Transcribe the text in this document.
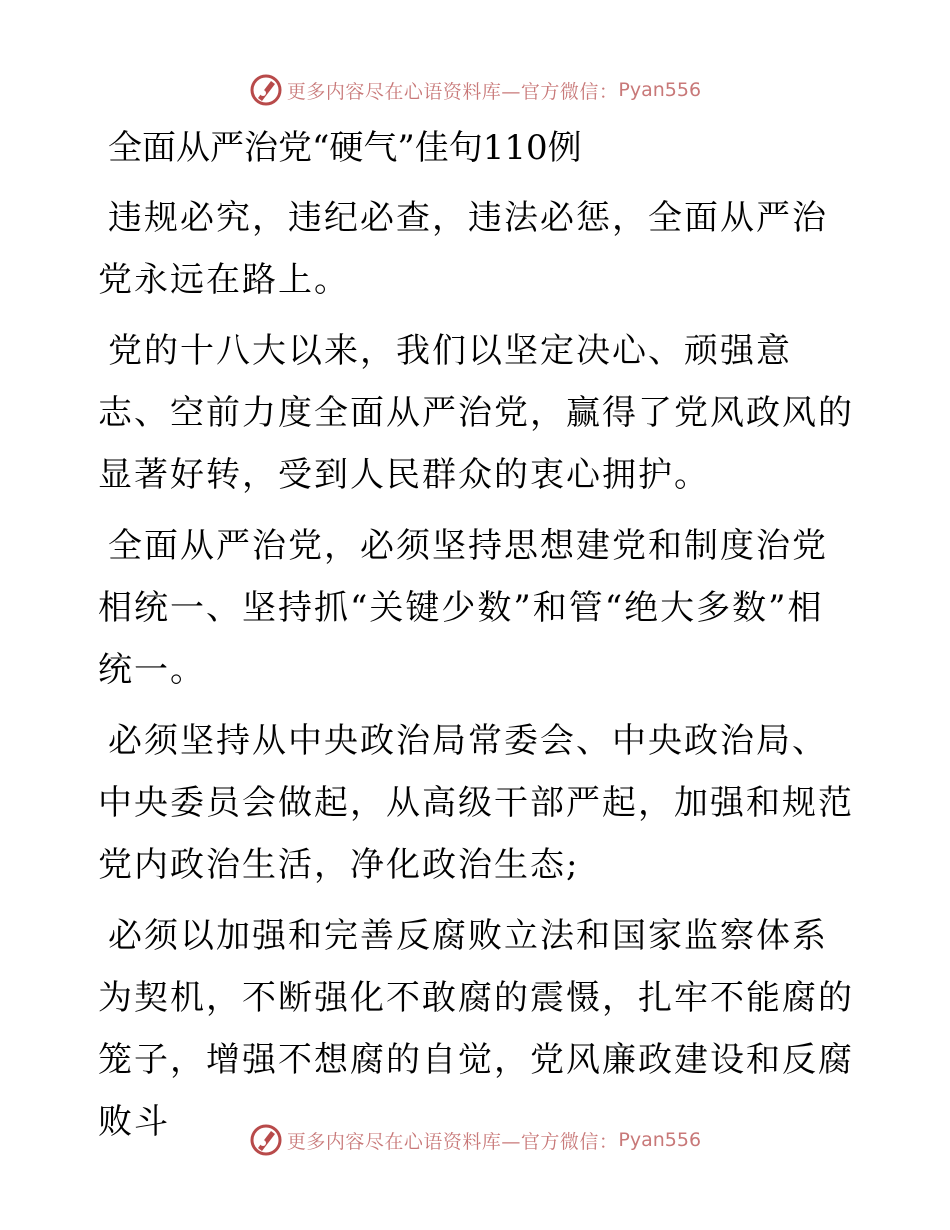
更多内容尽在心语资料库—官方微信： Pyan556
全面从严治党“硬气”佳句110例

违规必究，违纪必查，违法必惩，全面从严治党永远在路上。

党的十八大以来，我们以坚定决心、顽强意志、空前力度全面从严治党，赢得了党风政风的显著好转，受到人民群众的衷心拥护。

全面从严治党，必须坚持思想建党和制度治党相统一、坚持抓“关键少数”和管“绝大多数”相统一。

必须坚持从中央政治局常委会、中央政治局、中央委员会做起，从高级干部严起，加强和规范党内政治生活，净化政治生态;

必须以加强和完善反腐败立法和国家监察体系为契机，不断强化不敢腐的震慑，扎牢不能腐的笼子，增强不想腐的自觉，党风廉政建设和反腐败斗	更多内容尽在心语资料库—官方微信： Pyan556
